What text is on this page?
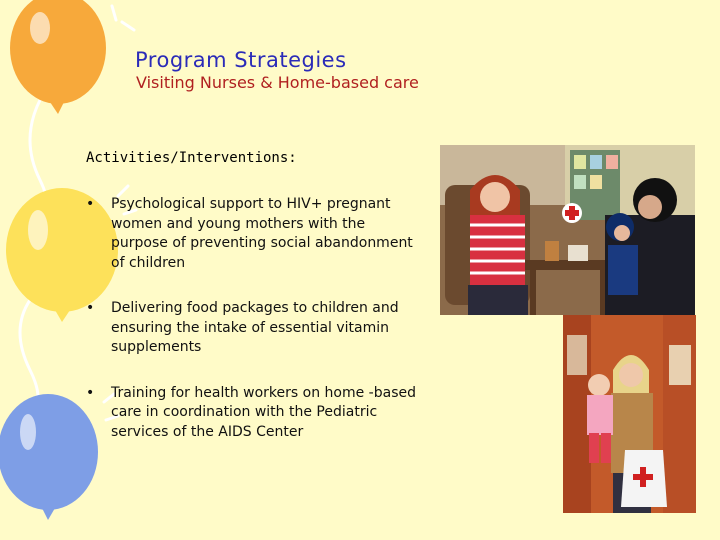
Program Strategies
Visiting Nurses & Home-based care
Activities/Interventions:
• Psychological support to HIV+ pregnant women and young mothers with the purpose of preventing social abandonment of children
• Delivering food packages to children and ensuring the intake of essential vitamin supplements
• Training for health workers on home -based care in coordination with the Pediatric services of the AIDS Center
